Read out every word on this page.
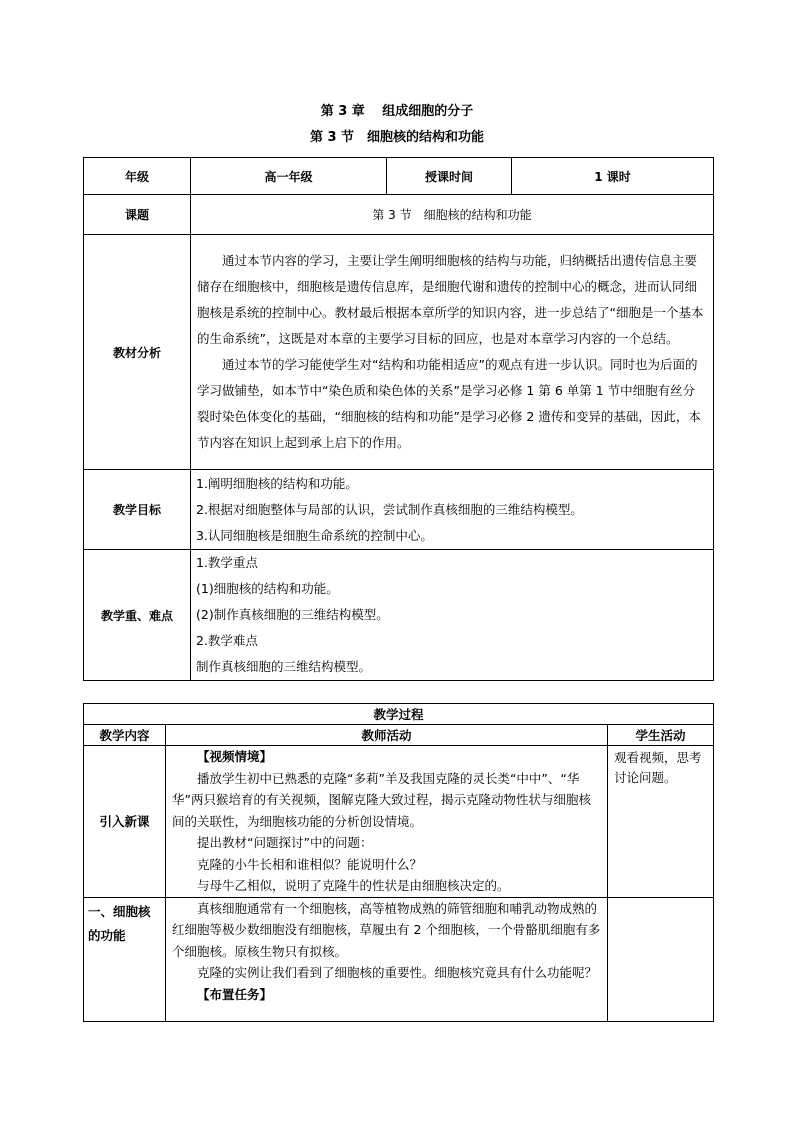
第 3 章　 组成细胞的分子
第 3 节　细胞核的结构和功能
年级	高一年级	授课时间	1 课时
课题	第 3 节　细胞核的结构和功能		
教材分析	通过本节内容的学习，主要让学生阐明细胞核的结构与功能，归纳概括出遗传信息主要储存在细胞核中，细胞核是遗传信息库，是细胞代谢和遗传的控制中心的概念，进而认同细胞核是系统的控制中心。教材最后根据本章所学的知识内容，进一步总结了“细胞是一个基本的生命系统”，这既是对本章的主要学习目标的回应，也是对本章学习内容的一个总结。

通过本节的学习能使学生对“结构和功能相适应”的观点有进一步认识。同时也为后面的学习做铺垫，如本节中“染色质和染色体的关系”是学习必修 1 第 6 单第 1 节中细胞有丝分裂时染色体变化的基础，“细胞核的结构和功能”是学习必修 2 遗传和变异的基础，因此，本节内容在知识上起到承上启下的作用。		

教学目标	1.阐明细胞核的结构和功能。
2.根据对细胞整体与局部的认识，尝试制作真核细胞的三维结构模型。
3.认同细胞核是细胞生命系统的控制中心。		

教学重、难点	1.教学重点
(1)细胞核的结构和功能。
(2)制作真核细胞的三维结构模型。
2.教学难点
制作真核细胞的三维结构模型。		
教学过程		
教学内容	教师活动	学生活动
引入新课	【视频情境】

播放学生初中已熟悉的克隆“多莉”羊及我国克隆的灵长类“中中”、“华华”两只猴培育的有关视频，图解克隆大致过程，揭示克隆动物性状与细胞核间的关联性，为细胞核功能的分析创设情境。

提出教材“问题探讨”中的问题：

克隆的小牛长相和谁相似？能说明什么？

与母牛乙相似，说明了克隆牛的性状是由细胞核决定的。	观看视频，思考讨论问题。
一、细胞核的功能	真核细胞通常有一个细胞核，高等植物成熟的筛管细胞和哺乳动物成熟的红细胞等极少数细胞没有细胞核，草履虫有 2 个细胞核，一个骨骼肌细胞有多个细胞核。原核生物只有拟核。

克隆的实例让我们看到了细胞核的重要性。细胞核究竟具有什么功能呢？

【布置任务】	
